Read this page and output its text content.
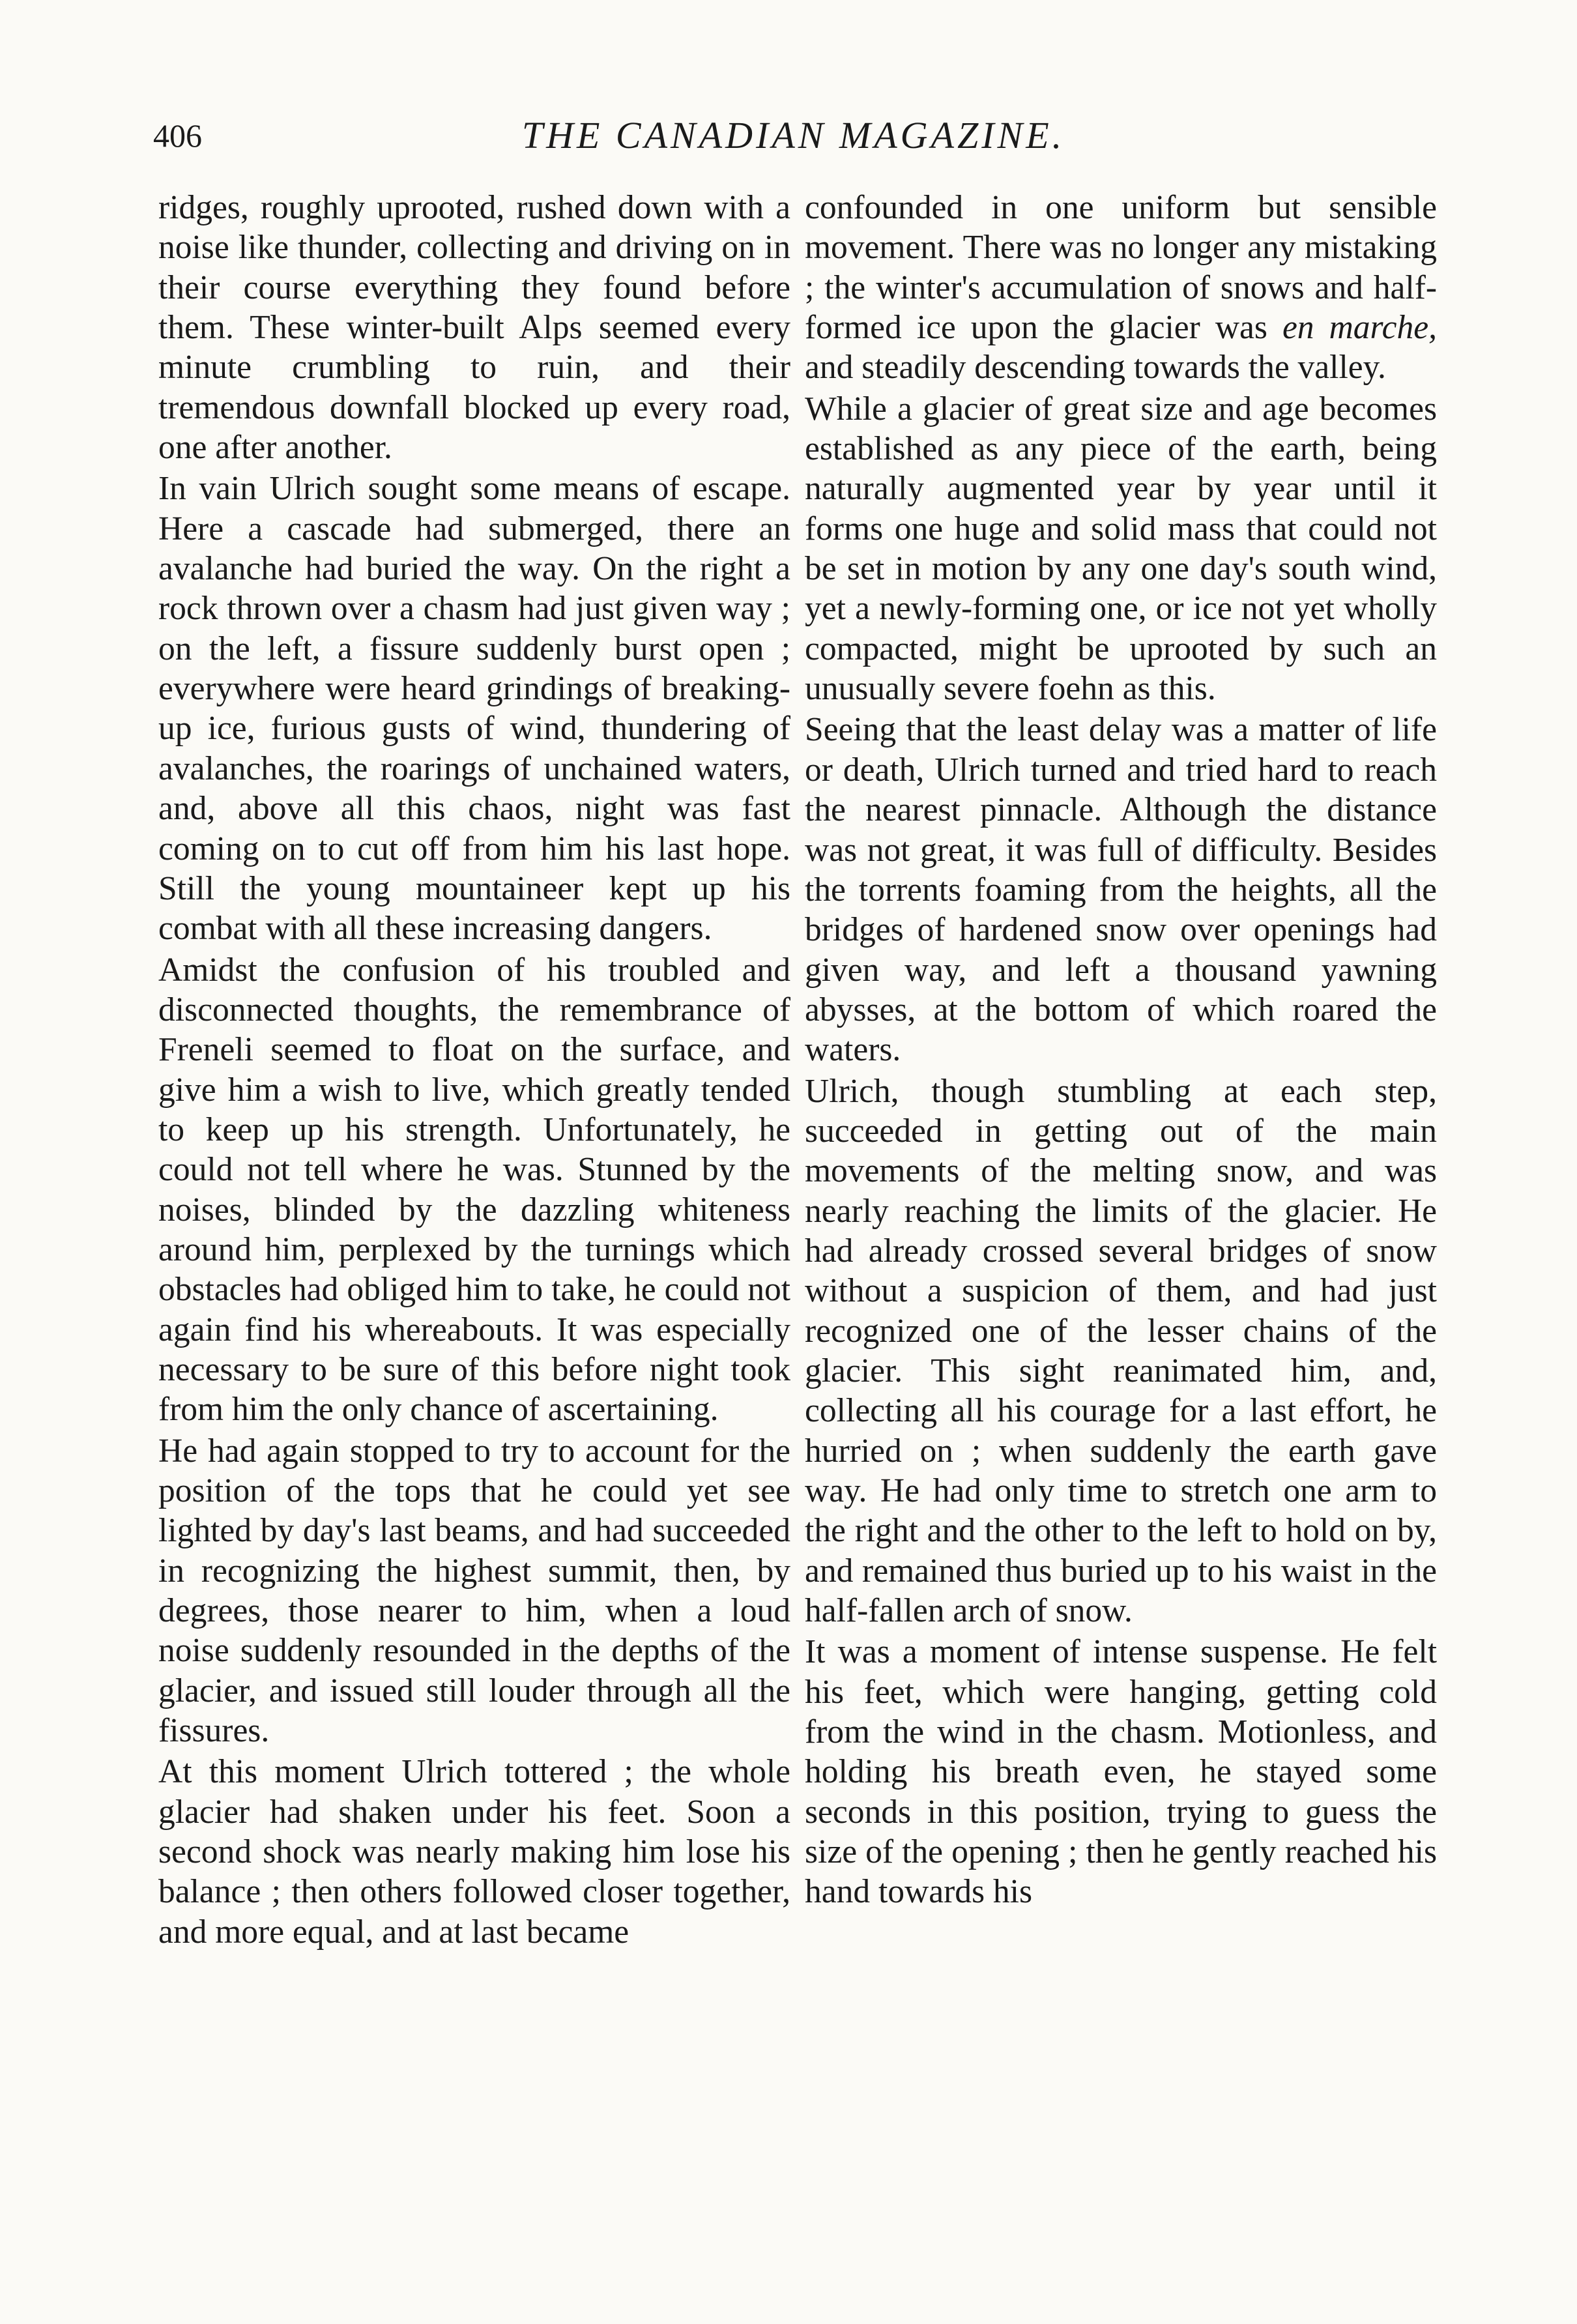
406	THE CANADIAN MAGAZINE.

ridges, roughly uprooted, rushed down with a noise like thunder, collecting and driving on in their course everything they found before them. These winter-built Alps seemed every minute crumbling to ruin, and their tremendous downfall blocked up every road, one after another.

In vain Ulrich sought some means of escape. Here a cascade had submerged, there an avalanche had buried the way. On the right a rock thrown over a chasm had just given way ; on the left, a fissure suddenly burst open ; everywhere were heard grindings of breaking-up ice, furious gusts of wind, thundering of avalanches, the roarings of unchained waters, and, above all this chaos, night was fast coming on to cut off from him his last hope. Still the young mountaineer kept up his combat with all these increasing dangers.

Amidst the confusion of his troubled and disconnected thoughts, the remembrance of Freneli seemed to float on the surface, and give him a wish to live, which greatly tended to keep up his strength. Unfortunately, he could not tell where he was. Stunned by the noises, blinded by the dazzling whiteness around him, perplexed by the turnings which obstacles had obliged him to take, he could not again find his whereabouts. It was especially necessary to be sure of this before night took from him the only chance of ascertaining.

He had again stopped to try to account for the position of the tops that he could yet see lighted by day's last beams, and had succeeded in recognizing the highest summit, then, by degrees, those nearer to him, when a loud noise suddenly resounded in the depths of the glacier, and issued still louder through all the fissures.

At this moment Ulrich tottered ; the whole glacier had shaken under his feet. Soon a second shock was nearly making him lose his balance ; then others followed closer together, and more equal, and at last became

confounded in one uniform but sensible movement. There was no longer any mistaking ; the winter's accumulation of snows and half-formed ice upon the glacier was en marche, and steadily descending towards the valley.

While a glacier of great size and age becomes established as any piece of the earth, being naturally augmented year by year until it forms one huge and solid mass that could not be set in motion by any one day's south wind, yet a newly-forming one, or ice not yet wholly compacted, might be uprooted by such an unusually severe foehn as this.

Seeing that the least delay was a matter of life or death, Ulrich turned and tried hard to reach the nearest pinnacle. Although the distance was not great, it was full of difficulty. Besides the torrents foaming from the heights, all the bridges of hardened snow over openings had given way, and left a thousand yawning abysses, at the bottom of which roared the waters.

Ulrich, though stumbling at each step, succeeded in getting out of the main movements of the melting snow, and was nearly reaching the limits of the glacier. He had already crossed several bridges of snow without a suspicion of them, and had just recognized one of the lesser chains of the glacier. This sight reanimated him, and, collecting all his courage for a last effort, he hurried on ; when suddenly the earth gave way. He had only time to stretch one arm to the right and the other to the left to hold on by, and remained thus buried up to his waist in the half-fallen arch of snow.

It was a moment of intense suspense. He felt his feet, which were hanging, getting cold from the wind in the chasm. Motionless, and holding his breath even, he stayed some seconds in this position, trying to guess the size of the opening ; then he gently reached his hand towards his
